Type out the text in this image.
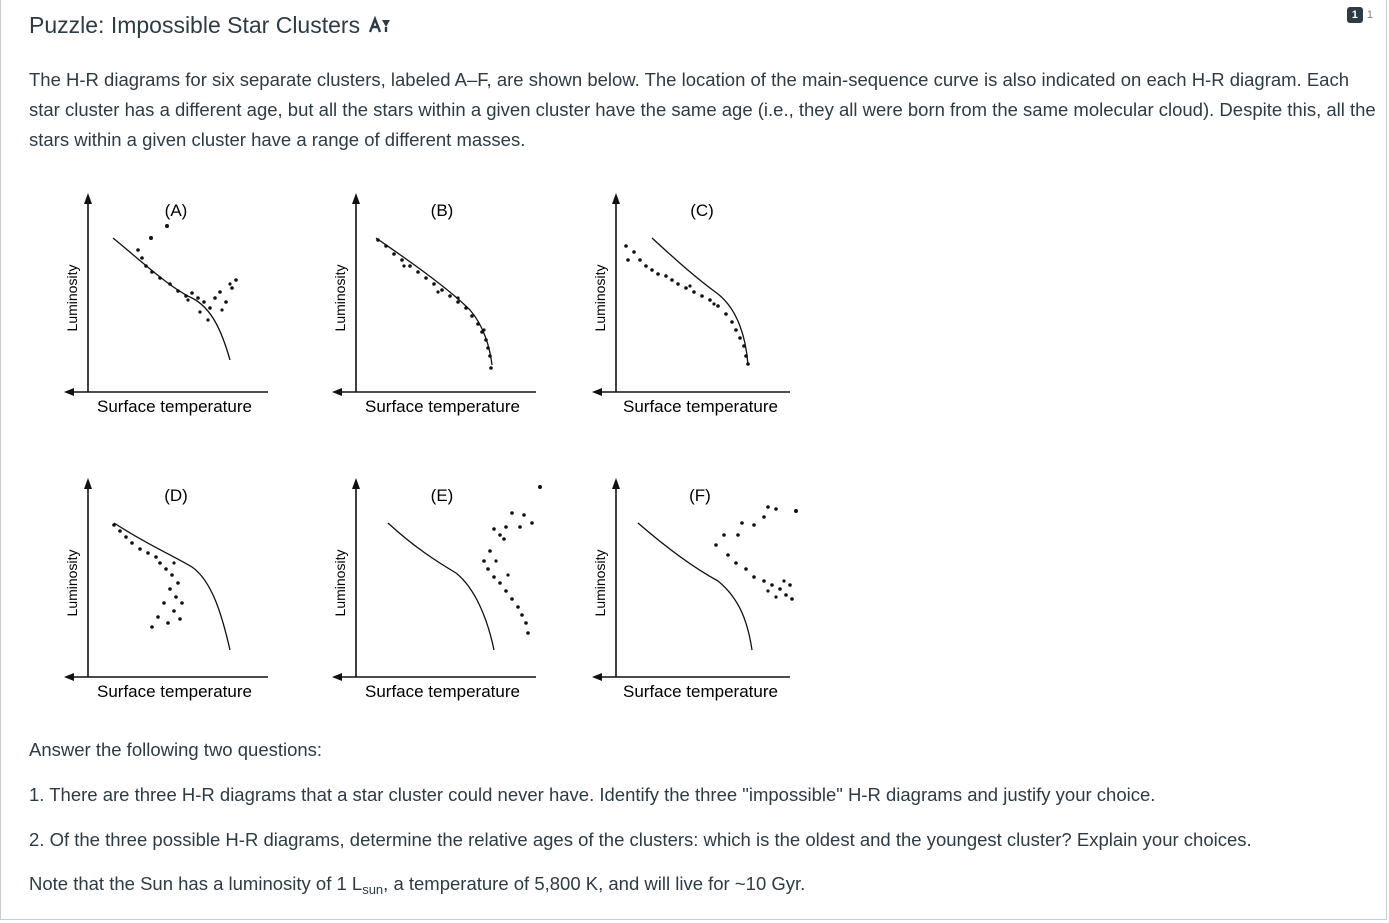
Puzzle: Impossible Star Clusters	1 1

The H-R diagrams for six separate clusters, labeled A–F, are shown below. The location of the main-sequence curve is also indicated on each H-R diagram. Each star cluster has a different age, but all the stars within a given cluster have the same age (i.e., they all were born from the same molecular cloud). Despite this, all the stars within a given cluster have a range of different masses.

(A)
Luminosity
Surface temperature
(B)
Luminosity
Surface temperature
(C)
Luminosity
Surface temperature
(D)
Luminosity
Surface temperature
(E)
Luminosity
Surface temperature
(F)
Luminosity
Surface temperature

Answer the following two questions:

1. There are three H-R diagrams that a star cluster could never have. Identify the three "impossible" H-R diagrams and justify your choice.

2. Of the three possible H-R diagrams, determine the relative ages of the clusters: which is the oldest and the youngest cluster? Explain your choices.

Note that the Sun has a luminosity of 1 $L_{sun}$, a temperature of 5,800 K, and will live for ~10 Gyr.
